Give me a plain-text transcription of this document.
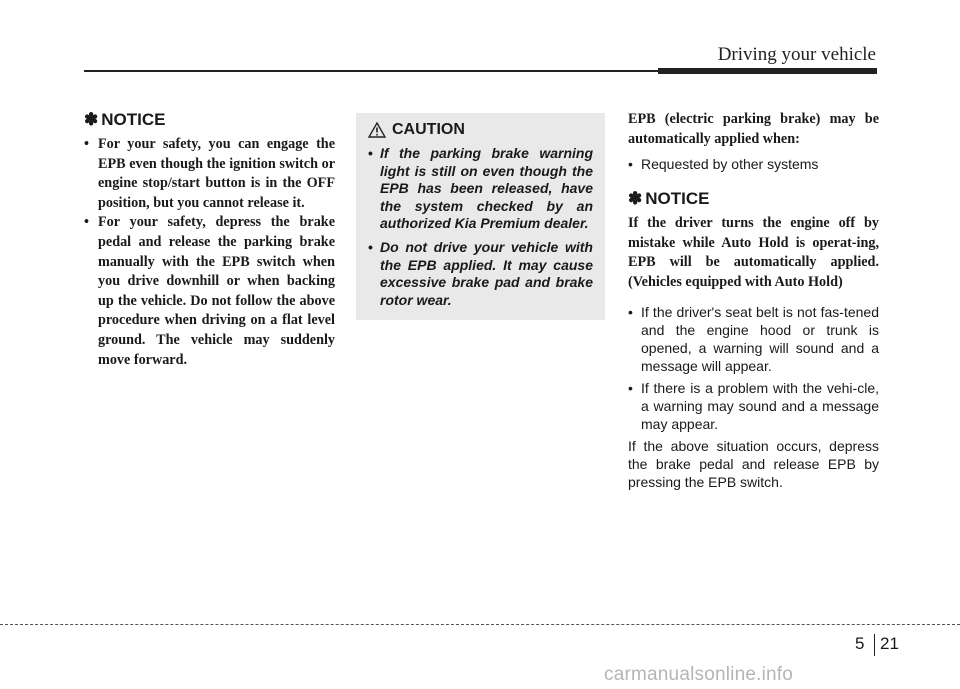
Driving your vehicle
✽ NOTICE
• For your safety, you can engage the EPB even though the ignition switch or engine stop/start button is in the OFF position, but you cannot release it.
• For your safety, depress the brake pedal and release the parking brake manually with the EPB switch when you drive downhill or when backing up the vehicle. Do not follow the above procedure when driving on a flat level ground. The vehicle may suddenly move forward.
CAUTION
• If the parking brake warning light is still on even though the EPB has been released, have the system checked by an authorized Kia Premium dealer.
• Do not drive your vehicle with the EPB applied. It may cause excessive brake pad and brake rotor wear.

EPB (electric parking brake) may be automatically applied when:

• Requested by other systems
✽ NOTICE

If the driver turns the engine off by mistake while Auto Hold is operat-ing, EPB will be automatically applied. (Vehicles equipped with Auto Hold)

• If the driver's seat belt is not fas-tened and the engine hood or trunk is opened, a warning will sound and a message will appear.
• If there is a problem with the vehi-cle, a warning may sound and a message may appear.

If the above situation occurs, depress the brake pedal and release EPB by pressing the EPB switch.

5 21
carmanualsonline.info
